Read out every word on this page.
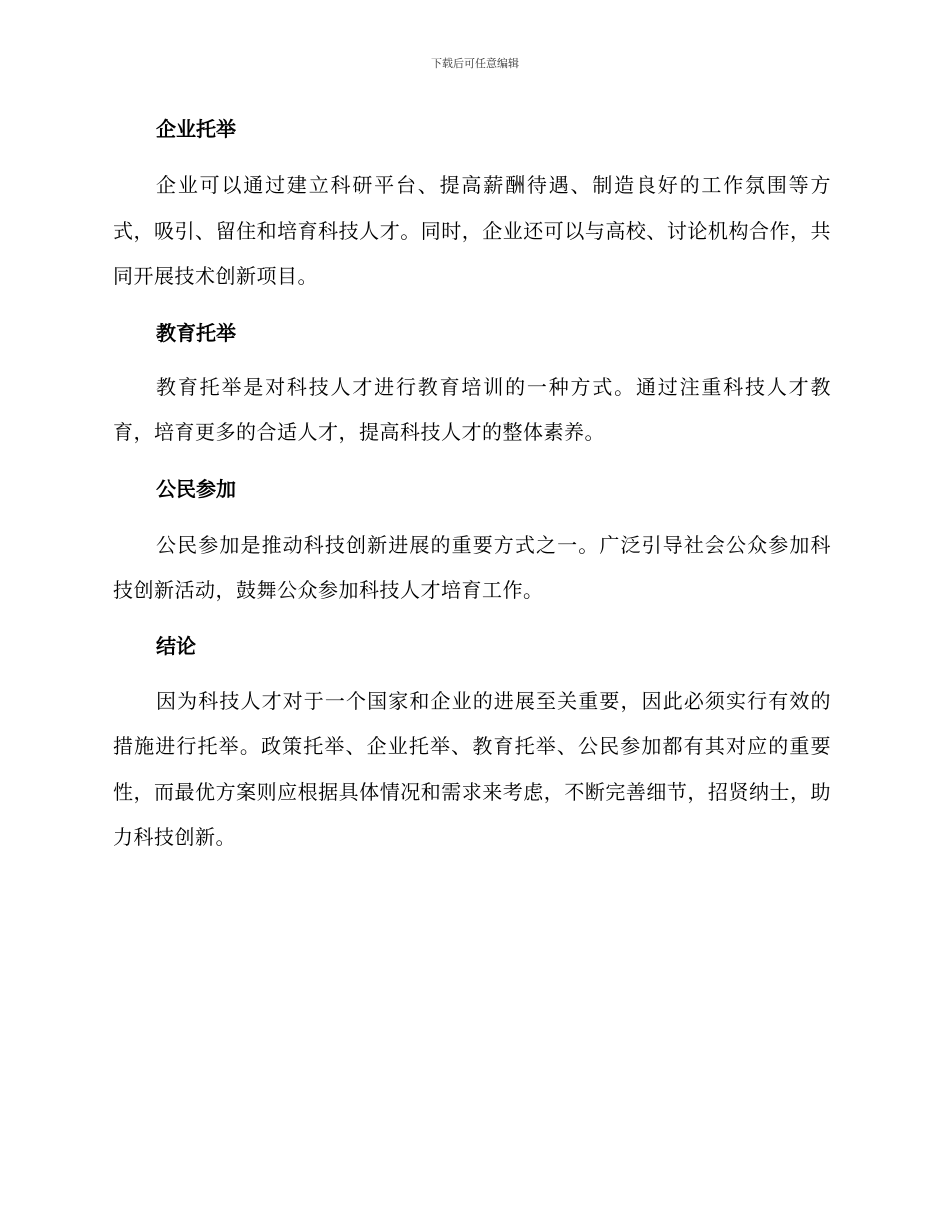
下载后可任意编辑
企业托举

企业可以通过建立科研平台、提高薪酬待遇、制造良好的工作氛围等方式，吸引、留住和培育科技人才。同时，企业还可以与高校、讨论机构合作，共同开展技术创新项目。

教育托举

教育托举是对科技人才进行教育培训的一种方式。通过注重科技人才教育，培育更多的合适人才，提高科技人才的整体素养。

公民参加

公民参加是推动科技创新进展的重要方式之一。广泛引导社会公众参加科技创新活动，鼓舞公众参加科技人才培育工作。

结论

因为科技人才对于一个国家和企业的进展至关重要，因此必须实行有效的措施进行托举。政策托举、企业托举、教育托举、公民参加都有其对应的重要性，而最优方案则应根据具体情况和需求来考虑，不断完善细节，招贤纳士，助力科技创新。
